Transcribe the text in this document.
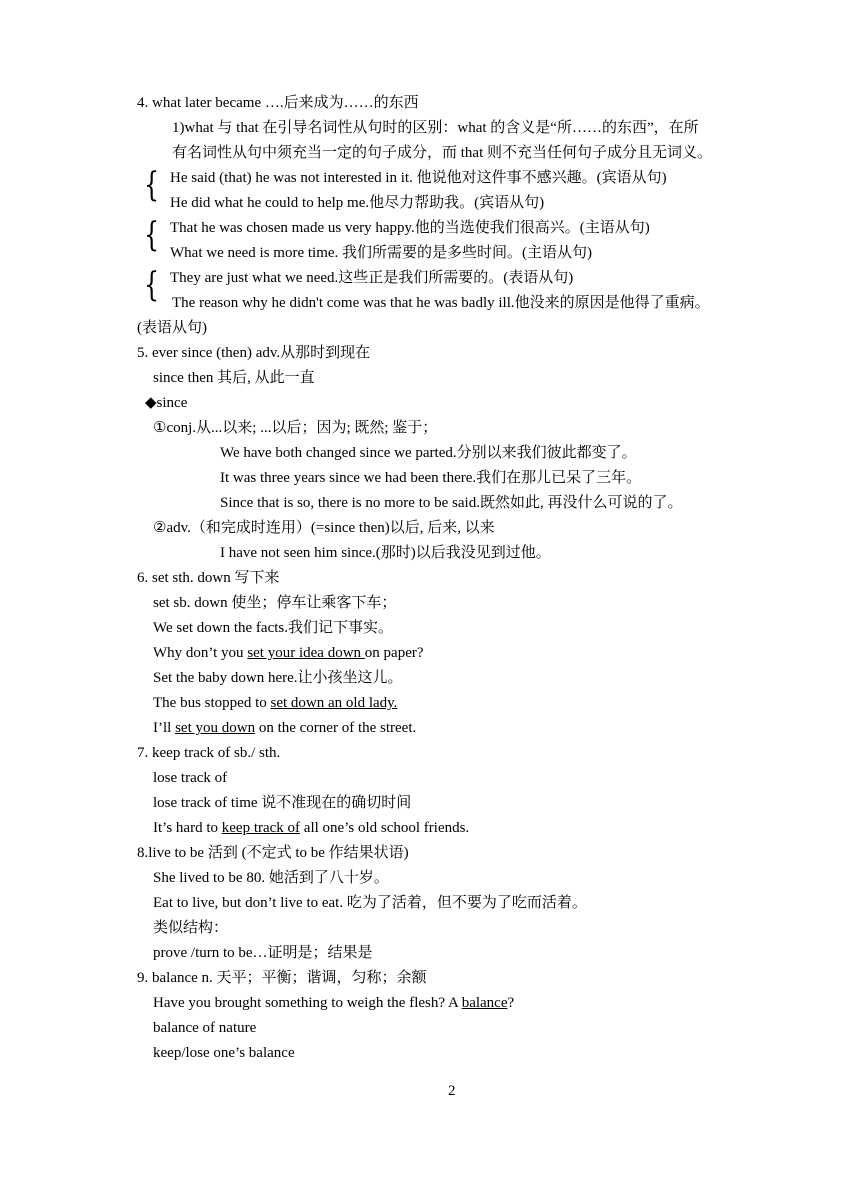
4. what later became ….后来成为……的东西
1)what 与 that 在引导名词性从句时的区别：what 的含义是“所……的东西”，在所
有名词性从句中须充当一定的句子成分，而 that 则不充当任何句子成分且无词义。
He said (that) he was not interested in it. 他说他对这件事不感兴趣。(宾语从句)
He did what he could to help me.他尽力帮助我。(宾语从句)
That he was chosen made us very happy.他的当选使我们很高兴。(主语从句)
What we need is more time. 我们所需要的是多些时间。(主语从句)
They are just what we need.这些正是我们所需要的。(表语从句)
The reason why he didn't come was that he was badly ill.他没来的原因是他得了重病。
(表语从句)
5. ever since (then) adv.从那时到现在
since then 其后, 从此一直
◆since
①conj.从...以来; ...以后；因为; 既然; 鉴于；
We have both changed since we parted.分别以来我们彼此都变了。
It was three years since we had been there.我们在那儿已呆了三年。
Since that is so, there is no more to be said.既然如此, 再没什么可说的了。
②adv.（和完成时连用）(=since then)以后, 后来, 以来
I have not seen him since.(那时)以后我没见到过他。
6. set sth. down 写下来
set sb. down 使坐；停车让乘客下车；
We set down the facts.我们记下事实。
Why don’t you set your idea down on paper?
Set the baby down here.让小孩坐这儿。
The bus stopped to set down an old lady.
I’ll set you down on the corner of the street.
7. keep track of sb./ sth.
lose track of
lose track of time 说不准现在的确切时间
It’s hard to keep track of all one’s old school friends.
8.live to be 活到 (不定式 to be 作结果状语)
She lived to be 80. 她活到了八十岁。
Eat to live, but don’t live to eat. 吃为了活着，但不要为了吃而活着。
类似结构：
prove /turn to be…证明是；结果是
9. balance n. 天平；平衡；谐调，匀称；余额
Have you brought something to weigh the flesh? A balance?
balance of nature
keep/lose one’s balance
{
{
{
2
